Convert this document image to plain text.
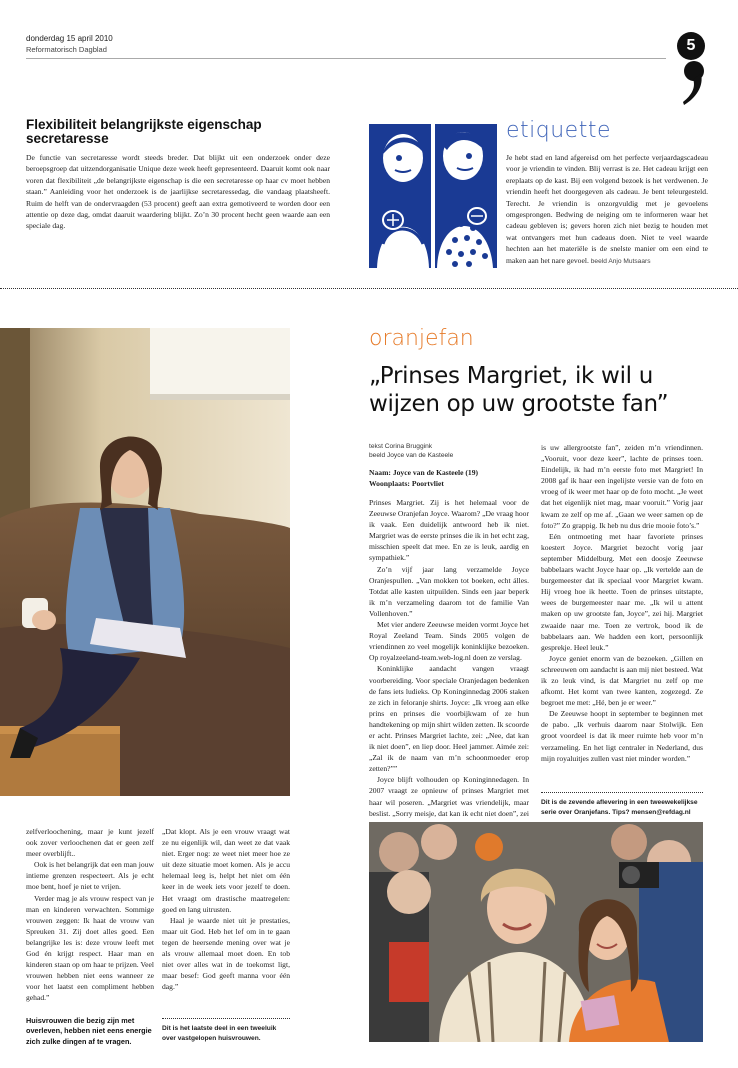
donderdag 15 april 2010
Reformatorisch Dagblad	5
Flexibiliteit belangrijkste eigenschap secretaresse

De functie van secretaresse wordt steeds breder. Dat blijkt uit een onderzoek onder deze beroepsgroep dat uitzendorganisatie Unique deze week heeft gepresenteerd. Daaruit komt ook naar voren dat flexibiliteit „de belangrijkste eigenschap is die een secretaresse op haar cv moet hebben staan.” Aanleiding voor het onderzoek is de jaarlijkse secretaressedag, die vandaag plaatsheeft. Ruim de helft van de ondervraagden (53 procent) geeft aan extra gemotiveerd te worden door een attentie op deze dag, omdat daaruit waardering blijkt. Zo’n 30 procent hecht geen waarde aan een speciale dag.

etiquette

Je hebt stad en land afgereisd om het perfecte verjaardagscadeau voor je vriendin te vinden. Blij verrast is ze. Het cadeau krijgt een ereplaats op de kast. Bij een volgend bezoek is het verdwenen. Je vriendin heeft het doorgegeven als cadeau. Je bent teleurgesteld. Terecht. Je vriendin is onzorgvuldig met je gevoelens omgesprongen. Bedwing de neiging om te informeren waar het cadeau gebleven is; gevers horen zich niet bezig te houden met wat ontvangers met hun cadeaus doen. Niet te veel waarde hechten aan het materiële is de snelste manier om een eind te maken aan het nare gevoel. beeld Anjo Mutsaars

oranjefan
„Prinses Margriet, ik wil u wijzen op uw grootste fan”
tekst Corina Bruggink
beeld Joyce van de Kasteele
Naam: Joyce van de Kasteele (19)
Woonplaats: Poortvliet

Prinses Margriet. Zij is het helemaal voor de Zeeuwse Oranjefan Joyce. Waarom? „De vraag hoor ik vaak. Een duidelijk antwoord heb ik niet. Margriet was de eerste prinses die ik in het echt zag, misschien speelt dat mee. En ze is leuk, aardig en sympathiek.”

Zo’n vijf jaar lang verzamelde Joyce Oranjespullen. „Van mokken tot boeken, echt álles. Totdat alle kasten uitpuilden. Sinds een jaar beperk ik m’n verzameling daarom tot de familie Van Vollenhoven.”

Met vier andere Zeeuwse meiden vormt Joyce het Royal Zeeland Team. Sinds 2005 volgen de vriendinnen zo veel mogelijk koninklijke bezoeken. Op royalzeeland-team.web-log.nl doen ze verslag.

Koninklijke aandacht vangen vraagt voorbereiding. Voor speciale Oranjedagen bedenken de fans iets ludieks. Op Koninginnedag 2006 staken ze zich in feloranje shirts. Joyce: „Ik vroeg aan elke prins en prinses die voorbijkwam of ze hun handtekening op mijn shirt wilden zetten. Ik scoorde er acht. Prinses Margriet lachte, zei: „Nee, dat kan ik niet doen”, en liep door. Heel jammer. Aimée zei: „Zal ik de naam van m’n schoonmoeder erop zetten?””

Joyce blijft volhouden op Koninginnedagen. In 2007 vraagt ze opnieuw of prinses Margriet met haar wil poseren. „Margriet was vriendelijk, maar beslist. „Sorry meisje, dat kan ik echt niet doen”, zei

is uw allergrootste fan”, zeiden m’n vriendinnen. „Vooruit, voor deze keer”, lachte de prinses toen. Eindelijk, ik had m’n eerste foto met Margriet! In 2008 gaf ik haar een ingelijste versie van de foto en vroeg of ik weer met haar op de foto mocht. „Je weet dat het eigenlijk niet mag, maar vooruit.” Vorig jaar kwam ze zelf op me af. „Gaan we weer samen op de foto?” Zo grappig. Ik heb nu dus drie mooie foto’s.”

Eén ontmoeting met haar favoriete prinses koestert Joyce. Margriet bezocht vorig jaar september Middelburg. Met een doosje Zeeuwse babbelaars wacht Joyce haar op. „Ik vertelde aan de burgemeester dat ik speciaal voor Margriet kwam. Hij vroeg hoe ik heette. Toen de prinses uitstapte, wees de burgemeester naar me. „Ik wil u attent maken op uw grootste fan, Joyce”, zei hij. Margriet zwaaide naar me. Toen ze vertrok, bood ik de babbelaars aan. We hadden een kort, persoonlijk gesprekje. Heel leuk.”

Joyce geniet enorm van de bezoeken. „Gillen en schreeuwen om aandacht is aan mij niet besteed. Wat ik zo leuk vind, is dat Margriet nu zelf op me afkomt. Het komt van twee kanten, zogezegd. Ze begroet me met: „Hé, ben je er weer.”

De Zeeuwse hoopt in september te beginnen met de pabo. „Ik verhuis daarom naar Stolwijk. Een groot voordeel is dat ik meer ruimte heb voor m’n verzameling. En het ligt centraler in Nederland, dus mijn royaluitjes zullen vast niet minder worden.”

Dit is de zevende aflevering in een tweewekelijkse serie over Oranjefans. Tips? mensen@refdag.nl

zelfverloochening, maar je kunt jezelf ook zover verloochenen dat er geen zelf meer overblijft..

Ook is het belangrijk dat een man jouw intieme grenzen respecteert. Als je echt moe bent, hoef je niet te vrijen.

Verder mag je als vrouw respect van je man en kinderen verwachten. Sommige vrouwen zeggen: Ik haat de vrouw van Spreuken 31. Zij doet alles goed. Een belangrijke les is: deze vrouw leeft met God én krijgt respect. Haar man en kinderen staan op om haar te prijzen. Veel vrouwen hebben niet eens wanneer ze voor het laatst een compliment hebben gehad.”

Huisvrouwen die bezig zijn met overleven, hebben niet eens energie zich zulke dingen af te vragen.

„Dat klopt. Als je een vrouw vraagt wat ze nu eigenlijk wil, dan weet ze dat vaak niet. Erger nog: ze weet niet meer hoe ze uit deze situatie moet komen. Als je accu helemaal leeg is, helpt het niet om één keer in de week iets voor jezelf te doen. Het vraagt om drastische maatregelen: goed en lang uitrusten.

Haal je waarde niet uit je prestaties, maar uit God. Heb het lef om in te gaan tegen de heersende mening over wat je als vrouw allemaal moet doen. En tob niet over alles wat in de toekomst ligt, maar besef: God geeft manna voor één dag.”

Dit is het laatste deel in een tweeluik over vastgelopen huisvrouwen.
